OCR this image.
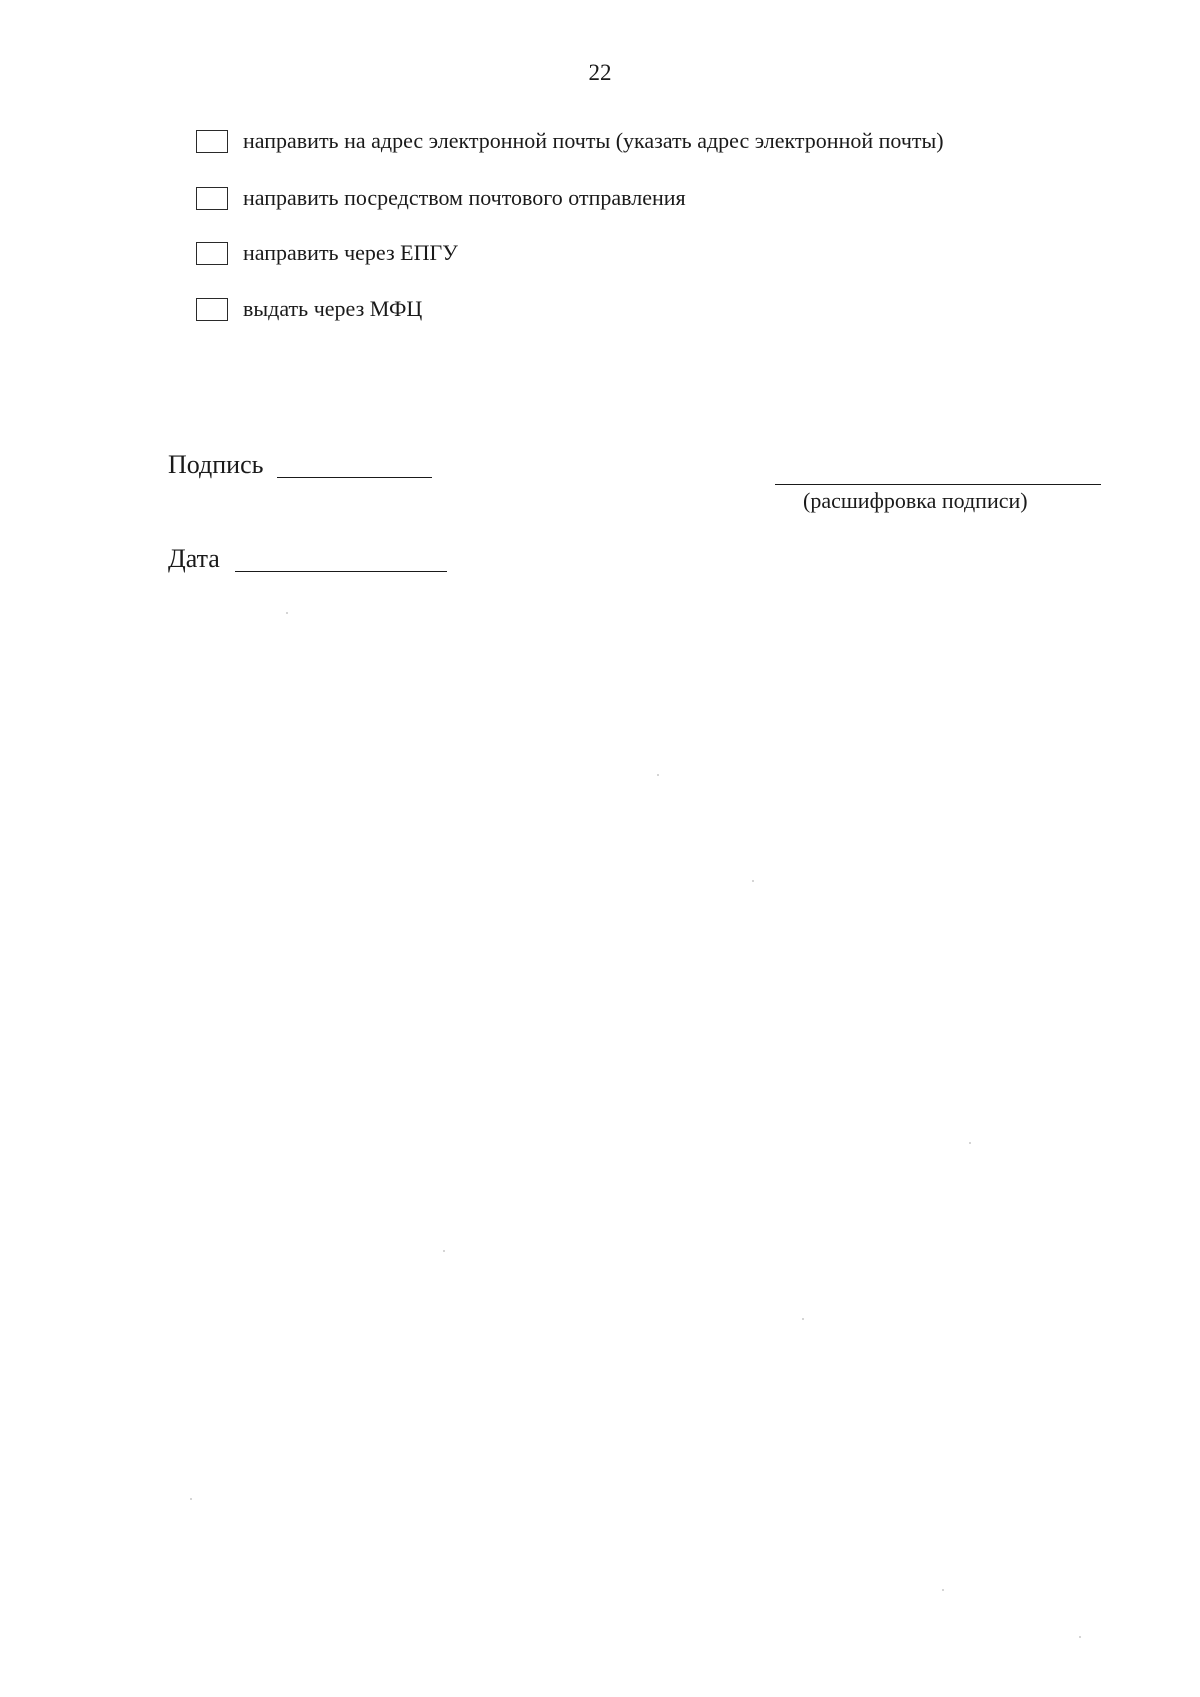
22
направить на адрес электронной почты (указать адрес электронной почты)
направить посредством почтового отправления
направить через ЕПГУ
выдать через МФЦ
Подпись
(расшифровка подписи)
Дата
